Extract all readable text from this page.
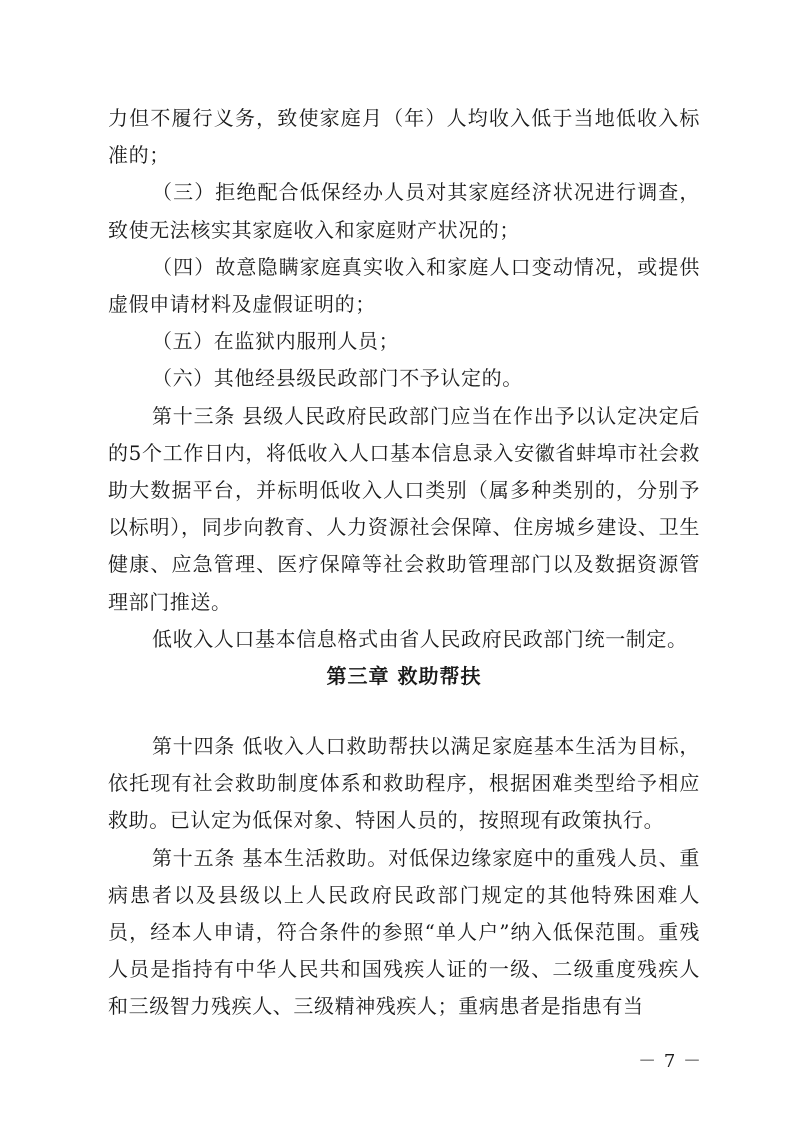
力但不履行义务，致使家庭月（年）人均收入低于当地低收入标准的；

（三）拒绝配合低保经办人员对其家庭经济状况进行调查，致使无法核实其家庭收入和家庭财产状况的；

（四）故意隐瞒家庭真实收入和家庭人口变动情况，或提供虚假申请材料及虚假证明的；

（五）在监狱内服刑人员；

（六）其他经县级民政部门不予认定的。

第十三条 县级人民政府民政部门应当在作出予以认定决定后的5个工作日内，将低收入人口基本信息录入安徽省蚌埠市社会救助大数据平台，并标明低收入人口类别（属多种类别的，分别予以标明），同步向教育、人力资源社会保障、住房城乡建设、卫生健康、应急管理、医疗保障等社会救助管理部门以及数据资源管理部门推送。

低收入人口基本信息格式由省人民政府民政部门统一制定。

第三章 救助帮扶

第十四条 低收入人口救助帮扶以满足家庭基本生活为目标，依托现有社会救助制度体系和救助程序，根据困难类型给予相应救助。已认定为低保对象、特困人员的，按照现有政策执行。

第十五条 基本生活救助。对低保边缘家庭中的重残人员、重病患者以及县级以上人民政府民政部门规定的其他特殊困难人员，经本人申请，符合条件的参照“单人户”纳入低保范围。重残人员是指持有中华人民共和国残疾人证的一级、二级重度残疾人和三级智力残疾人、三级精神残疾人；重病患者是指患有当

－ 7 －
